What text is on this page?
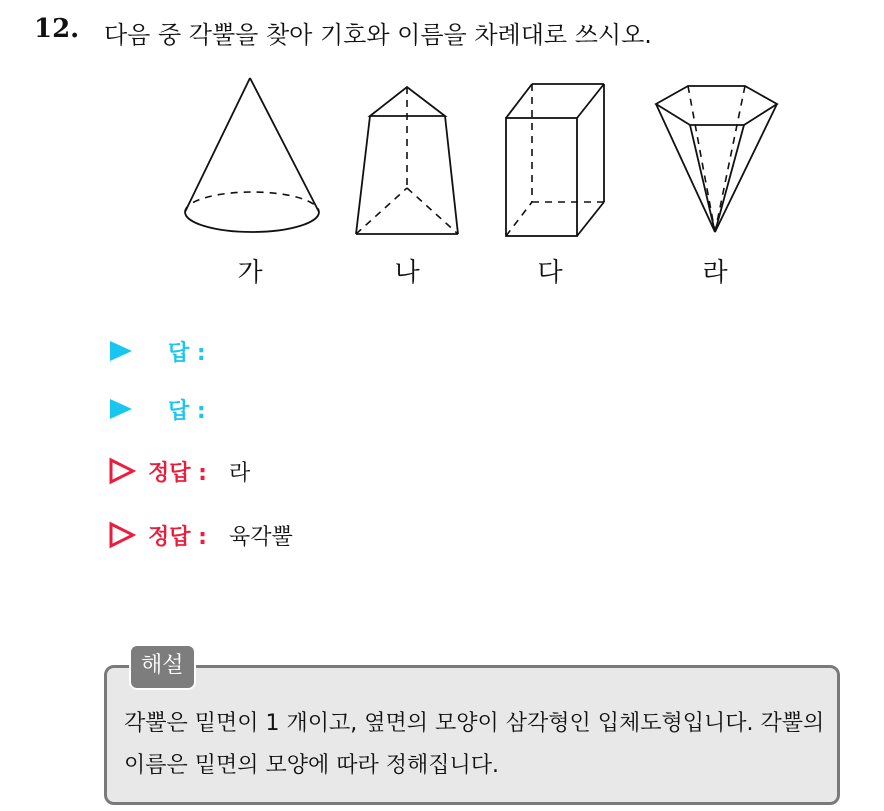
12. 다음 중 각뿔을 찾아 기호와 이름을 차례대로 쓰시오.
가	나	다	라
답 :
답 :
정답 : 라
정답 : 육각뿔
해설
각뿔은 밑면이 1 개이고, 옆면의 모양이 삼각형인 입체도형입니다. 각뿔의 이름은 밑면의 모양에 따라 정해집니다.
